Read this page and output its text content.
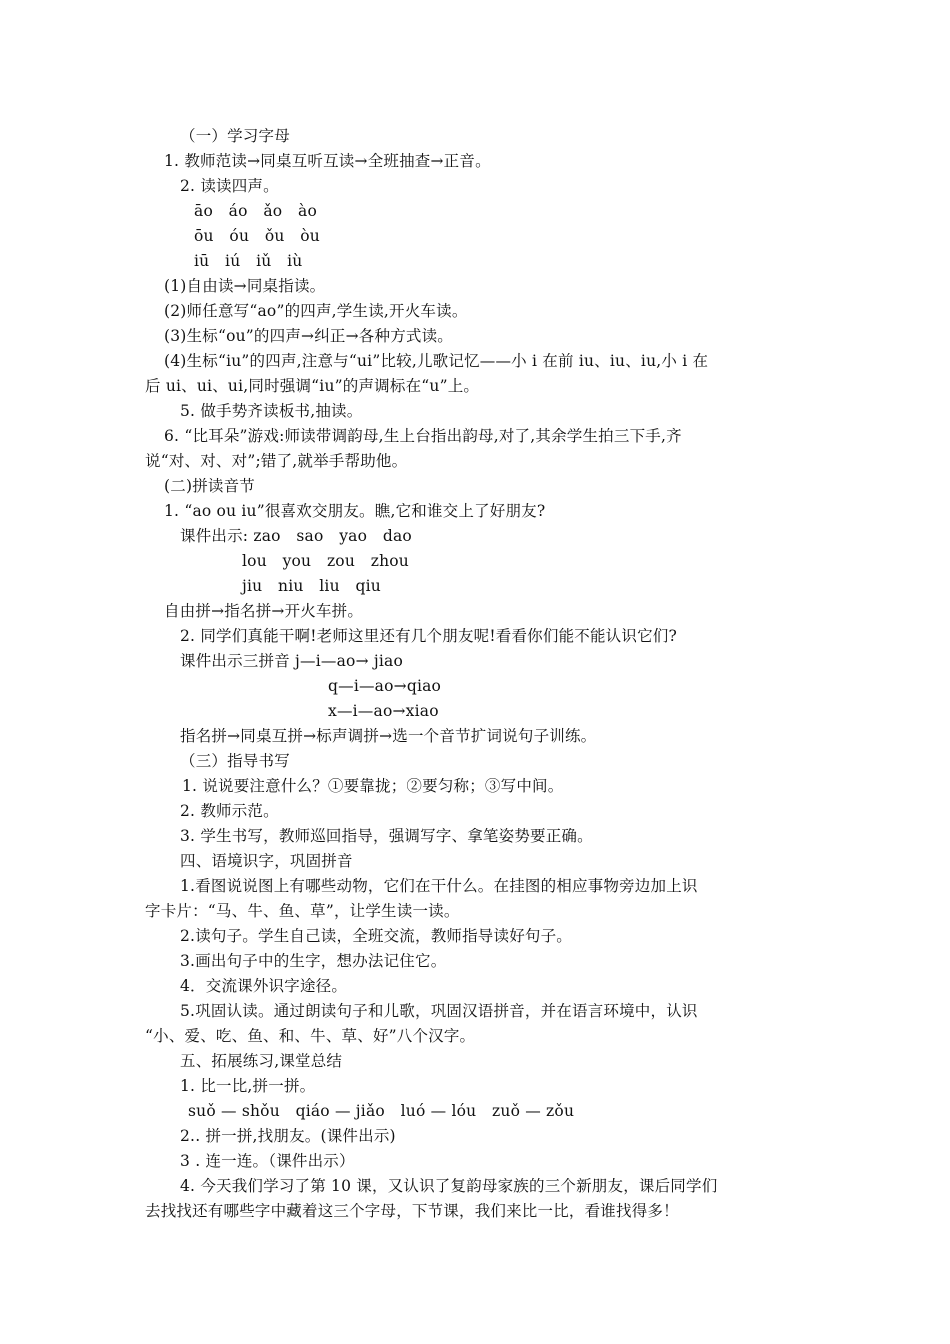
（一）学习字母
1. 教师范读→同桌互听互读→全班抽查→正音。
2. 读读四声。
āo　áo　ǎo　ào
ōu　óu　ǒu　òu
iū　iú　iǔ　iù
(1)自由读→同桌指读。
(2)师任意写“ao”的四声,学生读,开火车读。
(3)生标“ou”的四声→纠正→各种方式读。
(4)生标“iu”的四声,注意与“ui”比较,儿歌记忆——小 i 在前 iu、iu、iu,小 i 在
后 ui、ui、ui,同时强调“iu”的声调标在“u”上。
5. 做手势齐读板书,抽读。
6. “比耳朵”游戏:师读带调韵母,生上台指出韵母,对了,其余学生拍三下手,齐
说“对、对、对”;错了,就举手帮助他。
(二)拼读音节
1. “ao ou iu”很喜欢交朋友。瞧,它和谁交上了好朋友?
课件出示: zao　sao　yao　dao
lou　you　zou　zhou
jiu　niu　liu　qiu
自由拼→指名拼→开火车拼。
2. 同学们真能干啊!老师这里还有几个朋友呢!看看你们能不能认识它们?
课件出示三拼音 j—i—ao→ jiao
q—i—ao→qiao
x—i—ao→xiao
指名拼→同桌互拼→标声调拼→选一个音节扩词说句子训练。
（三）指导书写
1. 说说要注意什么？①要靠拢；②要匀称；③写中间。
2. 教师示范。
3. 学生书写，教师巡回指导，强调写字、拿笔姿势要正确。
四、语境识字，巩固拼音
1.看图说说图上有哪些动物，它们在干什么。在挂图的相应事物旁边加上识
字卡片：“马、牛、鱼、草”，让学生读一读。
2.读句子。学生自己读，全班交流，教师指导读好句子。
3.画出句子中的生字，想办法记住它。
4．交流课外识字途径。
5.巩固认读。通过朗读句子和儿歌，巩固汉语拼音，并在语言环境中，认识
“小、爱、吃、鱼、和、牛、草、好”八个汉字。
五、拓展练习,课堂总结
1. 比一比,拼一拼。
suǒ — shǒu　qiáo — jiǎo　luó — lóu　zuǒ — zǒu
2.. 拼一拼,找朋友。(课件出示)
3 . 连一连。（课件出示）
4. 今天我们学习了第 10 课，又认识了复韵母家族的三个新朋友，课后同学们
去找找还有哪些字中藏着这三个字母，下节课，我们来比一比，看谁找得多！
